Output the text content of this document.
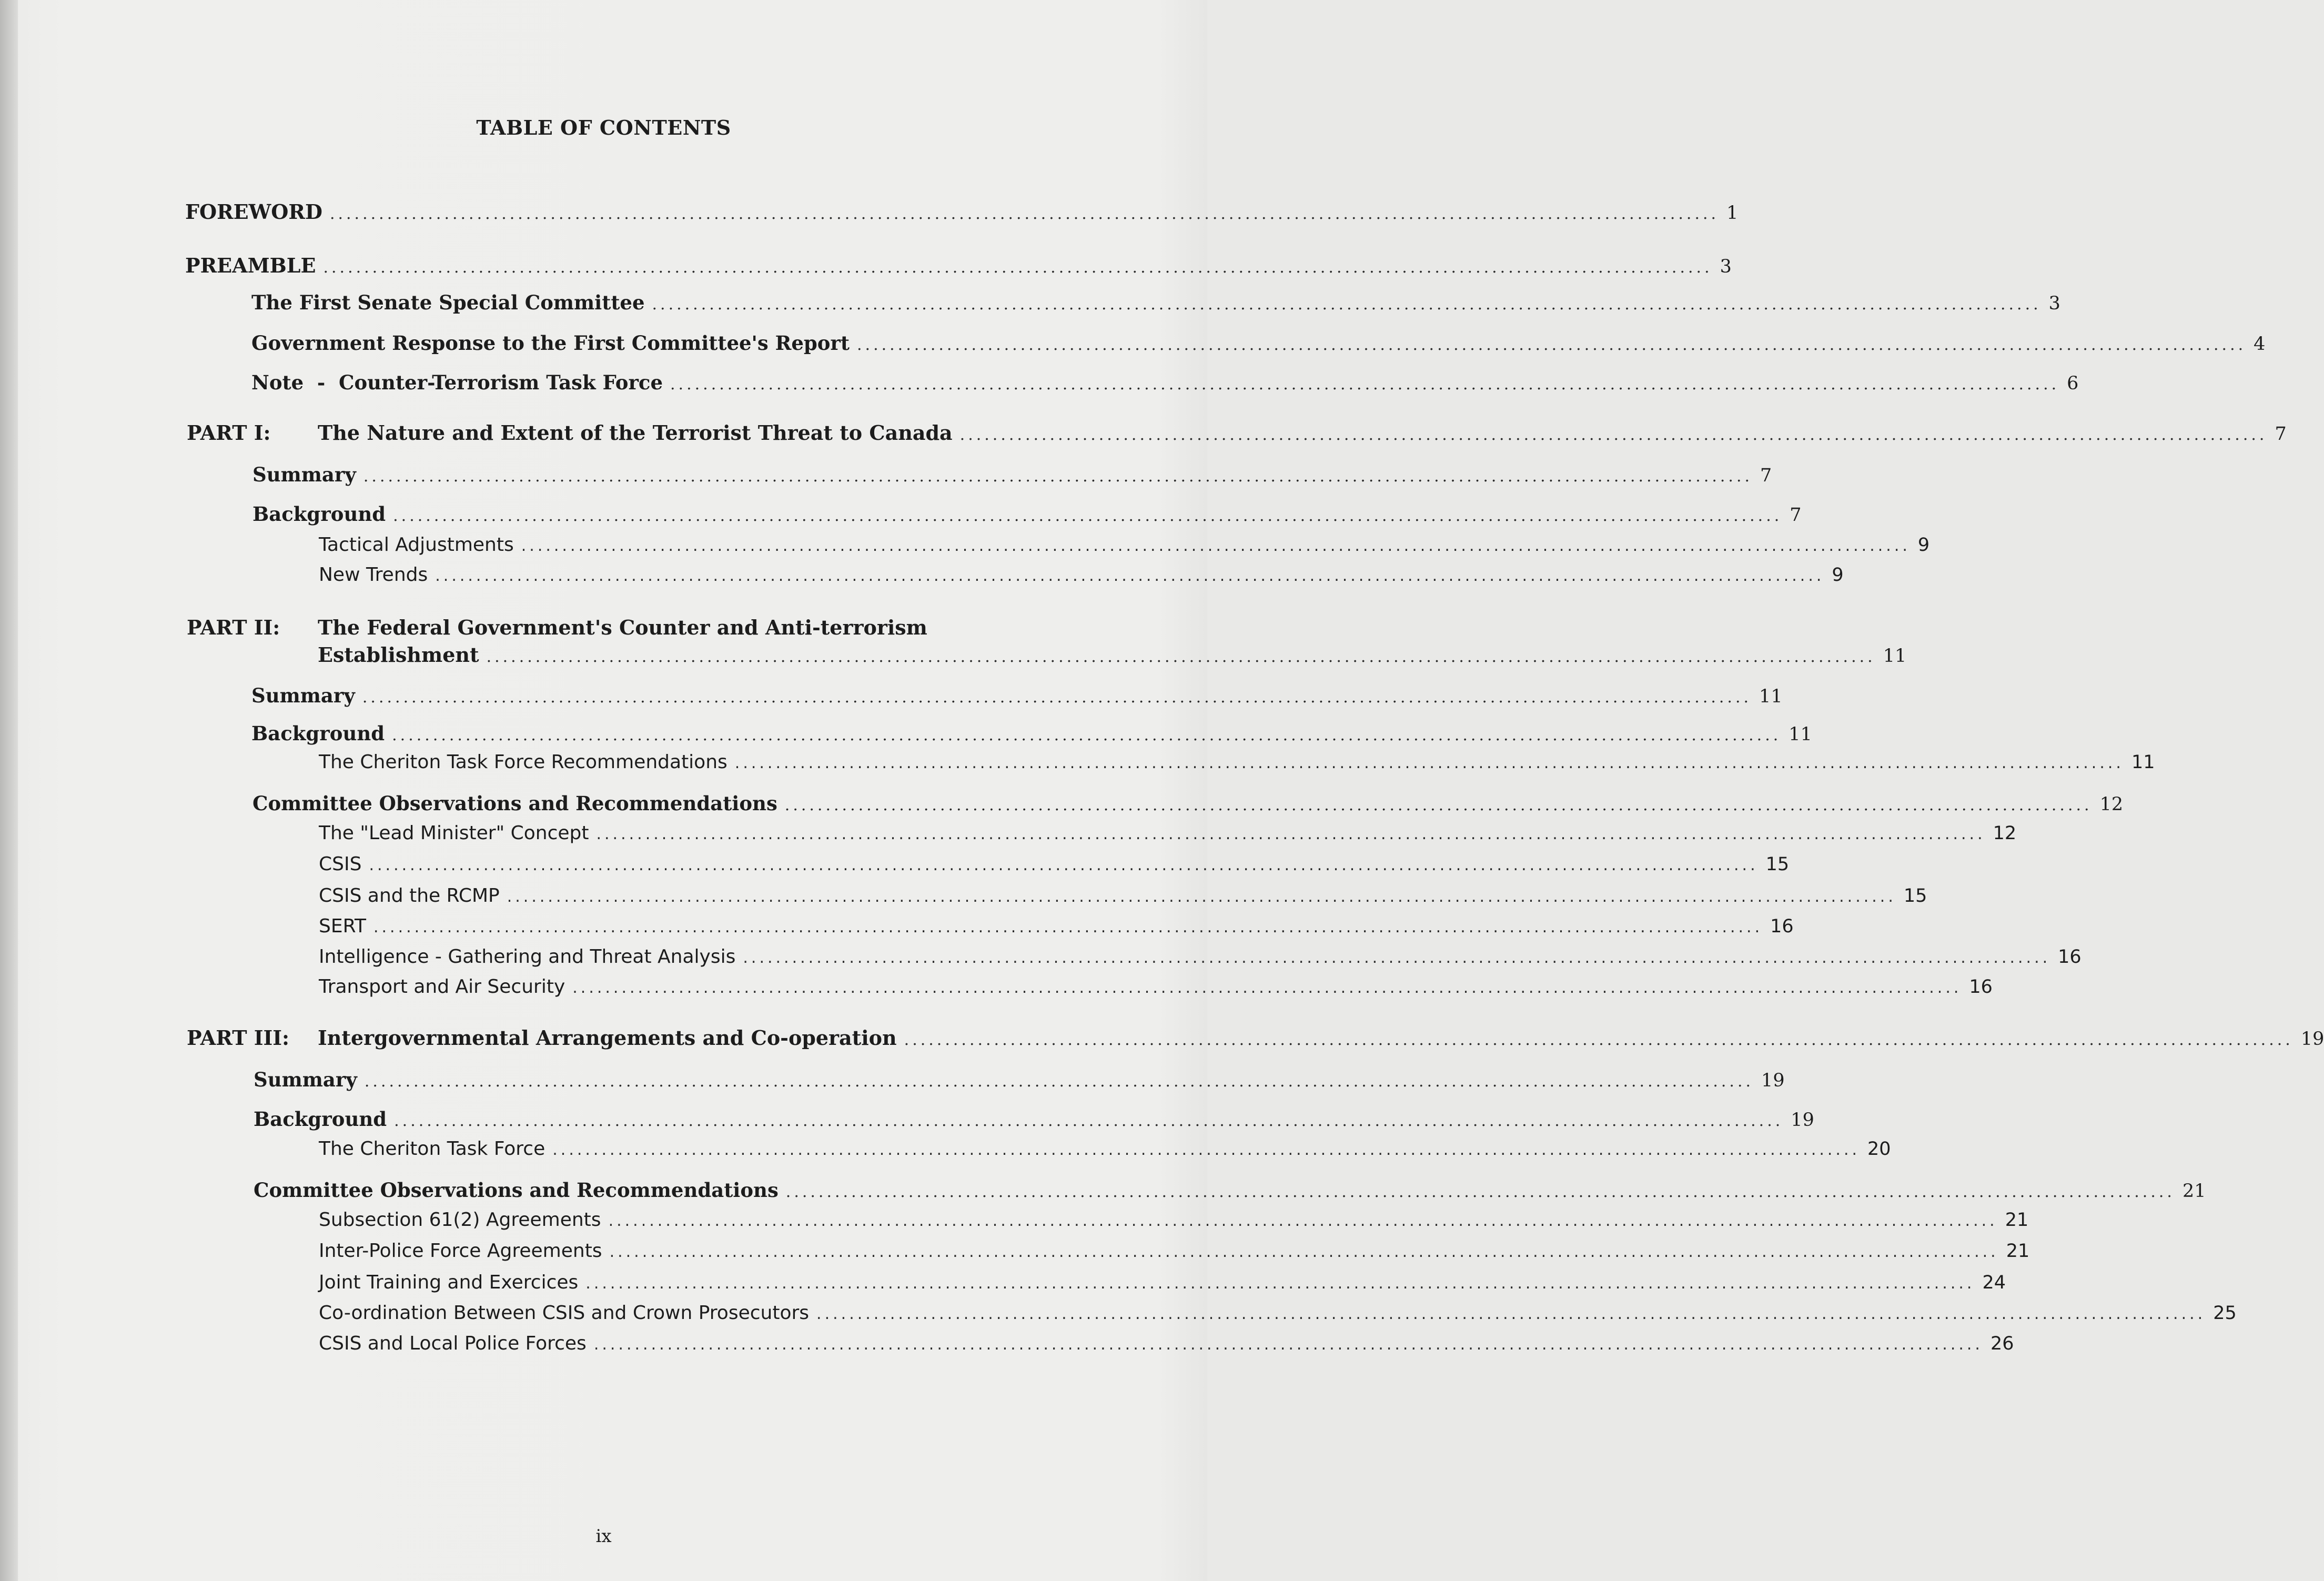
TABLE OF CONTENTS
FOREWORD .......................................................................................................................................................................... 1
PREAMBLE .......................................................................................................................................................................... 3
The First Senate Special Committee .......................................................................................................................................................................... 3
Government Response to the First Committee's Report .......................................................................................................................................................................... 4
Note  -  Counter-Terrorism Task Force .......................................................................................................................................................................... 6
PART I: The Nature and Extent of the Terrorist Threat to Canada ................................................................................................................................................................ 7
Summary .......................................................................................................................................................................... 7
Background .......................................................................................................................................................................... 7
Tactical Adjustments .......................................................................................................................................................................... 9
New Trends .......................................................................................................................................................................... 9
PART II: The Federal Government's Counter and Anti-terrorism
Establishment .......................................................................................................................................................................... 11
Summary .......................................................................................................................................................................... 11
Background .......................................................................................................................................................................... 11
The Cheriton Task Force Recommendations .......................................................................................................................................................................... 11
Committee Observations and Recommendations ................................................................................................................................................................ 12
The "Lead Minister" Concept .......................................................................................................................................................................... 12
CSIS .......................................................................................................................................................................... 15
CSIS and the RCMP .......................................................................................................................................................................... 15
SERT .......................................................................................................................................................................... 16
Intelligence - Gathering and Threat Analysis ................................................................................................................................................................ 16
Transport and Air Security .......................................................................................................................................................................... 16
PART III: Intergovernmental Arrangements and Co-operation .......................................................................................................................................................................... 19
Summary .......................................................................................................................................................................... 19
Background .......................................................................................................................................................................... 19
The Cheriton Task Force ................................................................................................................................................................ 20
Committee Observations and Recommendations .......................................................................................................................................................................... 21
Subsection 61(2) Agreements .......................................................................................................................................................................... 21
Inter-Police Force Agreements .......................................................................................................................................................................... 21
Joint Training and Exercices .......................................................................................................................................................................... 24
Co-ordination Between CSIS and Crown Prosecutors .......................................................................................................................................................................... 25
CSIS and Local Police Forces .......................................................................................................................................................................... 26
ix
